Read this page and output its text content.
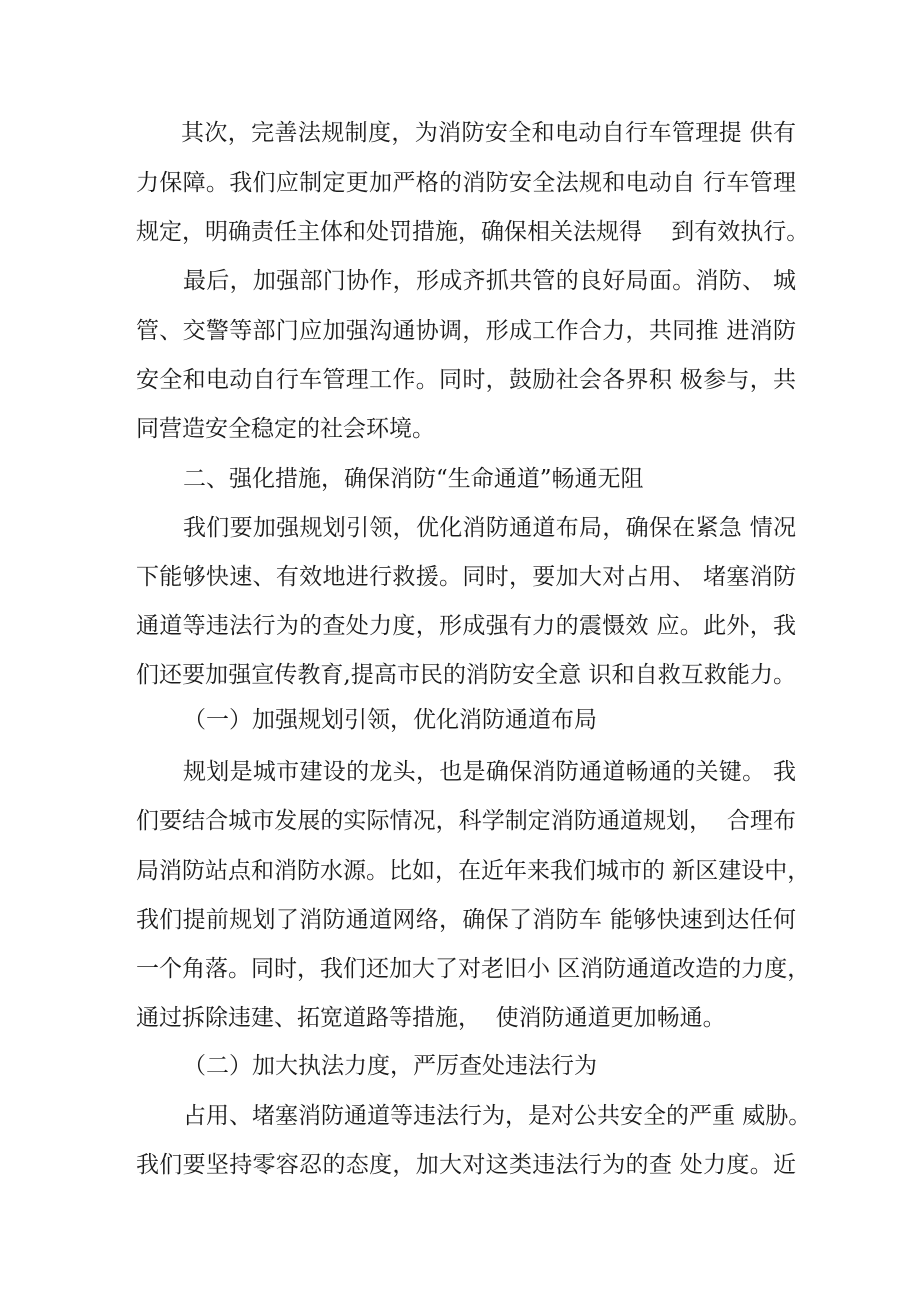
其次，完善法规制度，为消防安全和电动自行车管理提 供有
力保障。我们应制定更加严格的消防安全法规和电动自 行车管理
规定，明确责任主体和处罚措施，确保相关法规得    到有效执行。
最后，加强部门协作，形成齐抓共管的良好局面。消防、 城
管、交警等部门应加强沟通协调，形成工作合力，共同推 进消防
安全和电动自行车管理工作。同时，鼓励社会各界积 极参与，共
同营造安全稳定的社会环境。
二、强化措施，确保消防“生命通道”畅通无阻
我们要加强规划引领，优化消防通道布局，确保在紧急 情况
下能够快速、有效地进行救援。同时，要加大对占用、 堵塞消防
通道等违法行为的查处力度，形成强有力的震慑效 应。此外，我
们还要加强宣传教育,提高市民的消防安全意 识和自救互救能力。
（一）加强规划引领，优化消防通道布局
规划是城市建设的龙头，也是确保消防通道畅通的关键。 我
们要结合城市发展的实际情况，科学制定消防通道规划，  合理布
局消防站点和消防水源。比如，在近年来我们城市的 新区建设中，
我们提前规划了消防通道网络，确保了消防车 能够快速到达任何
一个角落。同时，我们还加大了对老旧小 区消防通道改造的力度，
通过拆除违建、拓宽道路等措施，  使消防通道更加畅通。
（二）加大执法力度，严厉查处违法行为
占用、堵塞消防通道等违法行为，是对公共安全的严重 威胁。
我们要坚持零容忍的态度，加大对这类违法行为的查 处力度。近
